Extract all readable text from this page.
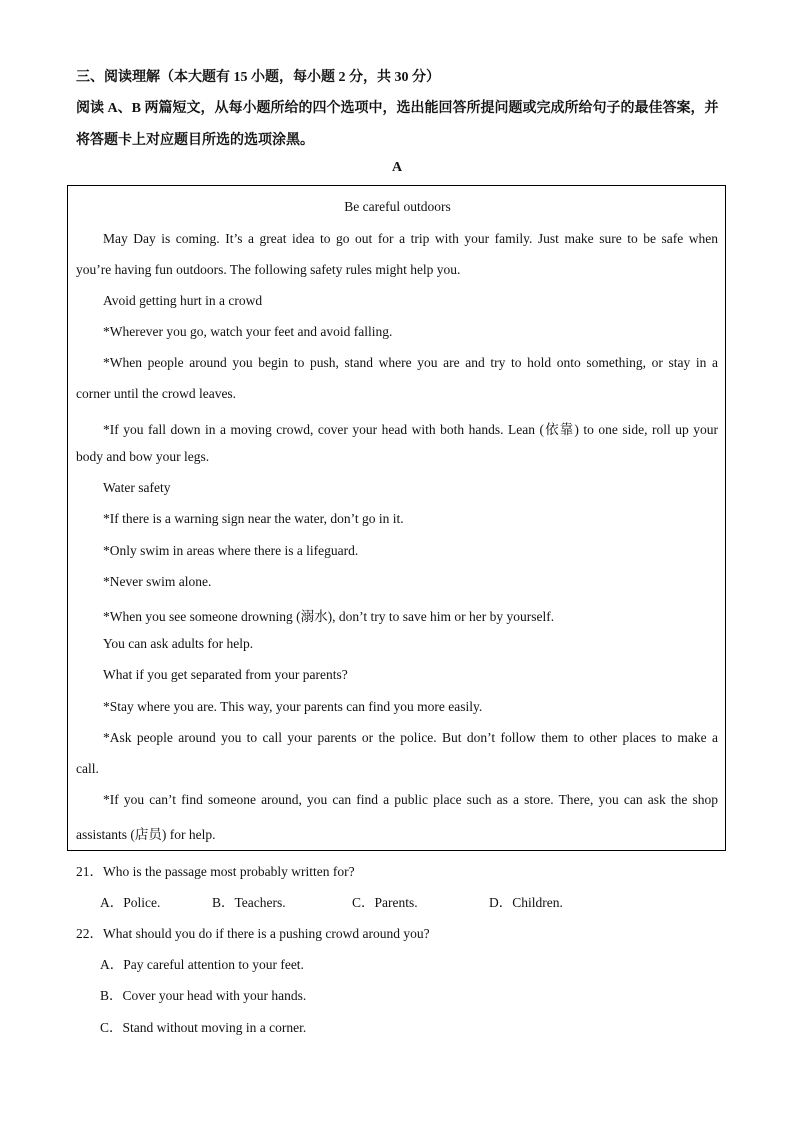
三、阅读理解（本大题有 15 小题，每小题 2 分，共 30 分）
阅读 A、B 两篇短文，从每小题所给的四个选项中，选出能回答所提问题或完成所给句子的最佳答案，并
将答题卡上对应题目所选的选项涂黑。
A
Be careful outdoors
May Day is coming. It’s a great idea to go out for a trip with your family. Just make sure to be safe when
you’re having fun outdoors. The following safety rules might help you.
Avoid getting hurt in a crowd
*Wherever you go, watch your feet and avoid falling.
*When people around you begin to push, stand where you are and try to hold onto something, or stay in a
corner until the crowd leaves.
*If you fall down in a moving crowd, cover your head with both hands. Lean (依靠) to one side, roll up your
body and bow your legs.
Water safety
*If there is a warning sign near the water, don’t go in it.
*Only swim in areas where there is a lifeguard.
*Never swim alone.
*When you see someone drowning (溺水), don’t try to save him or her by yourself.
You can ask adults for help.
What if you get separated from your parents?
*Stay where you are. This way, your parents can find you more easily.
*Ask people around you to call your parents or the police. But don’t follow them to other places to make a
call.
*If you can’t find someone around, you can find a public place such as a store. There, you can ask the shop
assistants (店员) for help.
21．Who is the passage most probably written for?
A．Police.	B．Teachers.	C．Parents.	D．Children.
22．What should you do if there is a pushing crowd around you?
A．Pay careful attention to your feet.
B．Cover your head with your hands.
C．Stand without moving in a corner.
